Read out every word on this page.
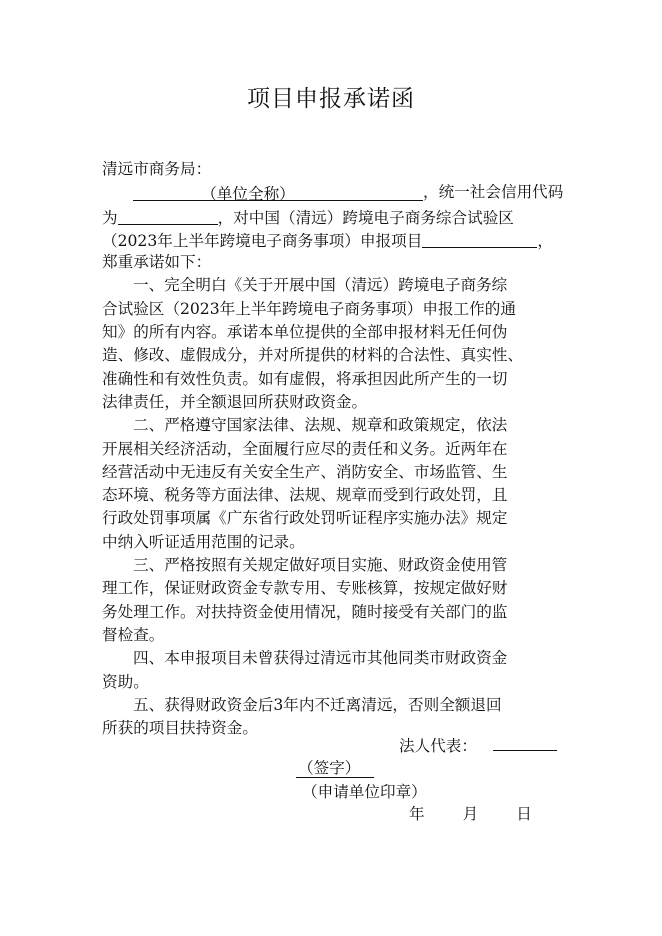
项目申报承诺函
清远市商务局：
（单位全称）	，统一社会信用代码
为	，对中国（清远）跨境电子商务综合试验区
（2023年上半年跨境电子商务事项）申报项目	，
郑重承诺如下：
一、完全明白《关于开展中国（清远）跨境电子商务综
合试验区（2023年上半年跨境电子商务事项）申报工作的通
知》的所有内容。承诺本单位提供的全部申报材料无任何伪
造、修改、虚假成分，并对所提供的材料的合法性、真实性、
准确性和有效性负责。如有虚假，将承担因此所产生的一切
法律责任，并全额退回所获财政资金。
二、严格遵守国家法律、法规、规章和政策规定，依法
开展相关经济活动，全面履行应尽的责任和义务。近两年在
经营活动中无违反有关安全生产、消防安全、市场监管、生
态环境、税务等方面法律、法规、规章而受到行政处罚，且
行政处罚事项属《广东省行政处罚听证程序实施办法》规定
中纳入听证适用范围的记录。
三、严格按照有关规定做好项目实施、财政资金使用管
理工作，保证财政资金专款专用、专账核算，按规定做好财
务处理工作。对扶持资金使用情况，随时接受有关部门的监
督检查。
四、本申报项目未曾获得过清远市其他同类市财政资金
资助。
五、获得财政资金后3年内不迁离清远，否则全额退回
所获的项目扶持资金。
法人代表：
（签字）
（申请单位印章）
年 月 日
